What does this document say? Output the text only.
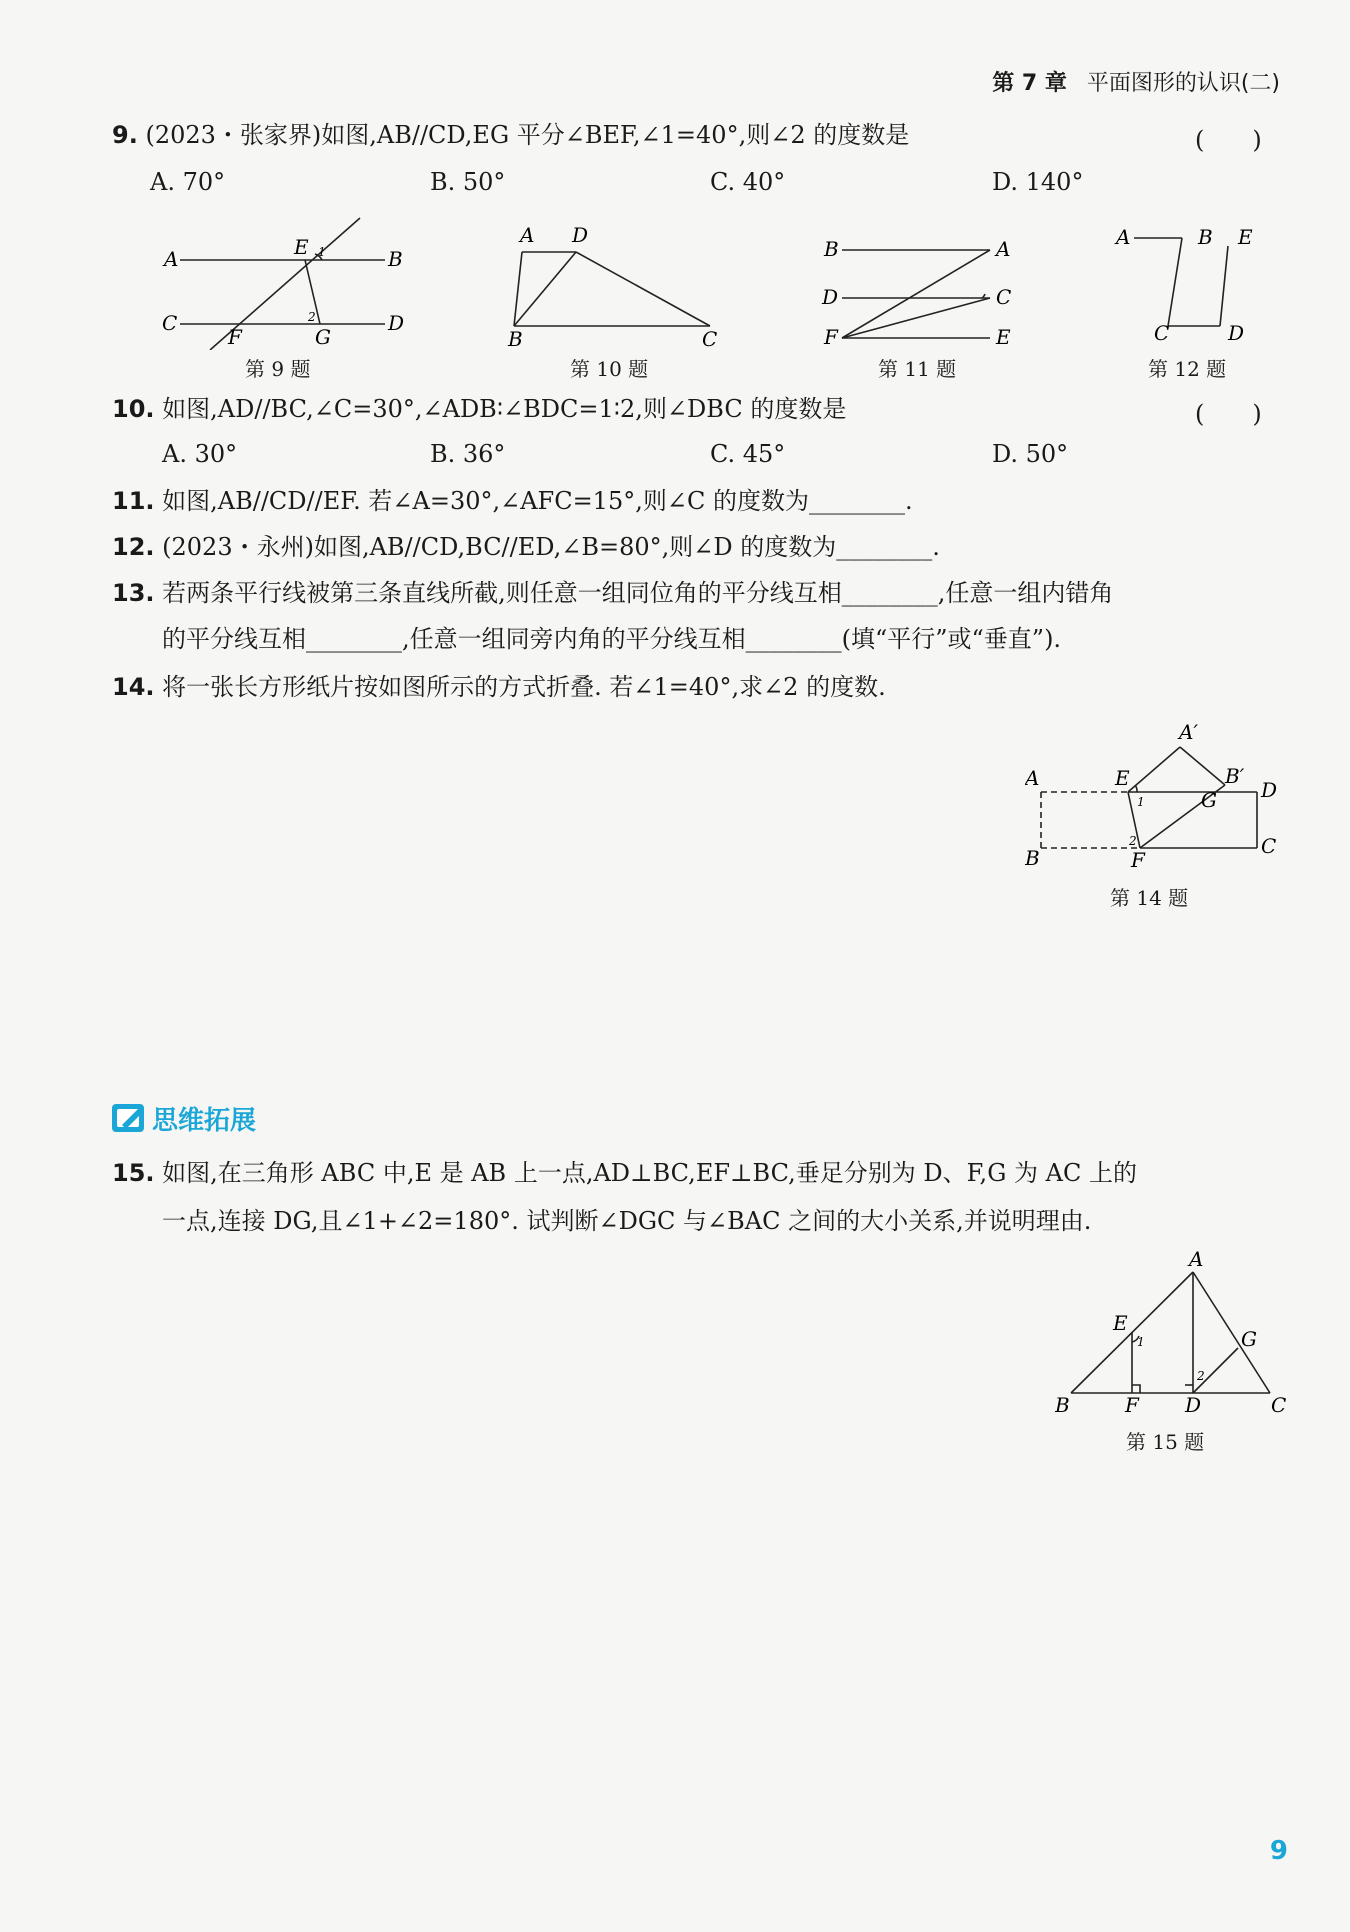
第 7 章 平面图形的认识(二)
9. (2023・张家界)如图,AB//CD,EG 平分∠BEF,∠1=40°,则∠2 的度数是	(　　)
A. 70°	B. 50°	C. 40°	D. 140°
A	B
C	D
E
F	G
1
2
第 9 题
A D
B	C
第 10 题
B	A
D	C
F	E
第 11 题
A	B E
C	D
第 12 题
10. 如图,AD//BC,∠C=30°,∠ADB∶∠BDC=1∶2,则∠DBC 的度数是	(　　)
A. 30°	B. 36°	C. 45°	D. 50°
11. 如图,AB//CD//EF. 若∠A=30°,∠AFC=15°,则∠C 的度数为________.
12. (2023・永州)如图,AB//CD,BC//ED,∠B=80°,则∠D 的度数为________.
13. 若两条平行线被第三条直线所截,则任意一组同位角的平分线互相________,任意一组内错角
的平分线互相________,任意一组同旁内角的平分线互相________(填“平行”或“垂直”).
14. 将一张长方形纸片按如图所示的方式折叠. 若∠1=40°,求∠2 的度数.
A
B
E
1
A′
B′
D
G
C
F
2
第 14 题
思维拓展
15. 如图,在三角形 ABC 中,E 是 AB 上一点,AD⊥BC,EF⊥BC,垂足分别为 D、F,G 为 AC 上的
一点,连接 DG,且∠1+∠2=180°. 试判断∠DGC 与∠BAC 之间的大小关系,并说明理由.
A
E
G
B	F D	C
1
2
第 15 题
9
